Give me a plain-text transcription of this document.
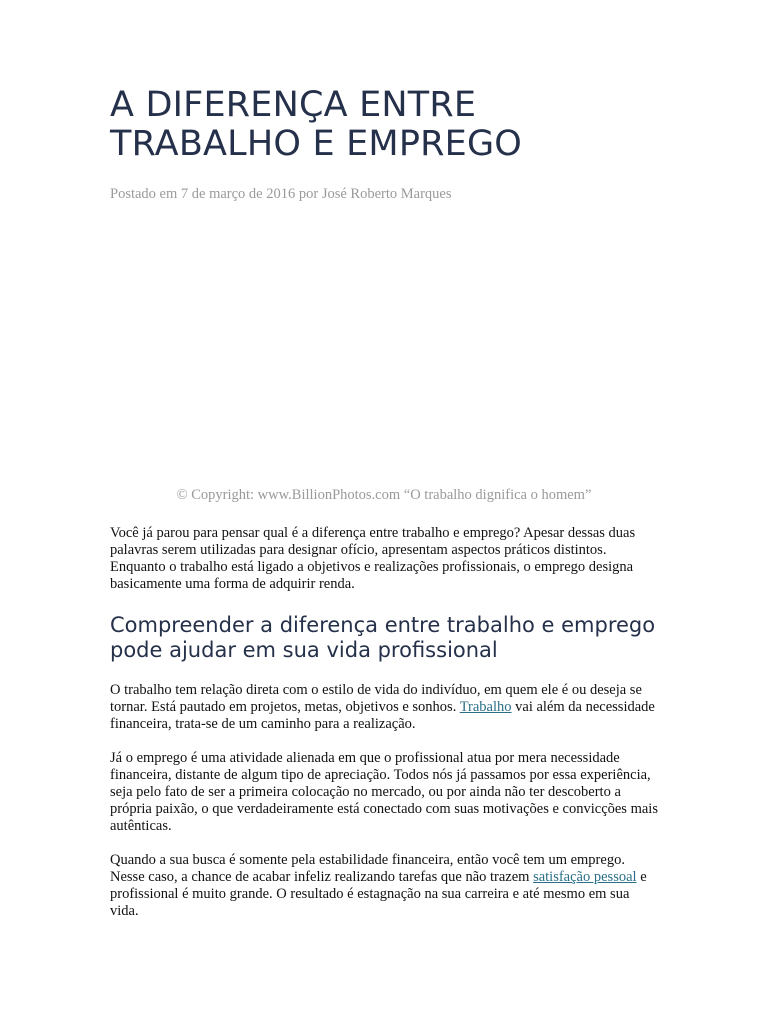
A DIFERENÇA ENTRE
TRABALHO E EMPREGO
Postado em 7 de março de 2016 por José Roberto Marques
© Copyright: www.BillionPhotos.com “O trabalho dignifica o homem”

Você já parou para pensar qual é a diferença entre trabalho e emprego? Apesar dessas duas palavras serem utilizadas para designar ofício, apresentam aspectos práticos distintos. Enquanto o trabalho está ligado a objetivos e realizações profissionais, o emprego designa basicamente uma forma de adquirir renda.

Compreender a diferença entre trabalho e emprego pode ajudar em sua vida profissional

O trabalho tem relação direta com o estilo de vida do indivíduo, em quem ele é ou deseja se tornar. Está pautado em projetos, metas, objetivos e sonhos. Trabalho vai além da necessidade financeira, trata-se de um caminho para a realização.

Já o emprego é uma atividade alienada em que o profissional atua por mera necessidade financeira, distante de algum tipo de apreciação. Todos nós já passamos por essa experiência, seja pelo fato de ser a primeira colocação no mercado, ou por ainda não ter descoberto a própria paixão, o que verdadeiramente está conectado com suas motivações e convicções mais autênticas.

Quando a sua busca é somente pela estabilidade financeira, então você tem um emprego. Nesse caso, a chance de acabar infeliz realizando tarefas que não trazem satisfação pessoal e profissional é muito grande. O resultado é estagnação na sua carreira e até mesmo em sua vida.
